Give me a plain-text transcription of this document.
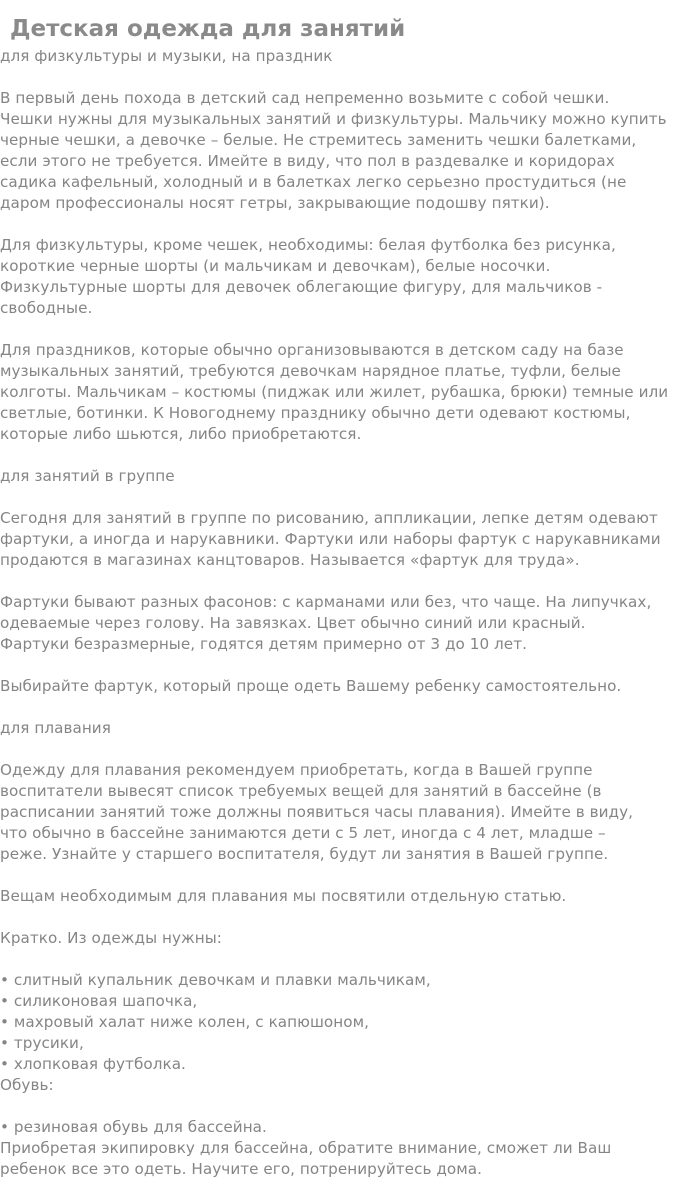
Детская одежда для занятий
для физкультуры и музыки, на праздник
В первый день похода в детский сад непременно возьмите с собой чешки.
Чешки нужны для музыкальных занятий и физкультуры. Мальчику можно купить
черные чешки, а девочке – белые. Не стремитесь заменить чешки балетками,
если этого не требуется. Имейте в виду, что пол в раздевалке и коридорах
садика кафельный, холодный и в балетках легко серьезно простудиться (не
даром профессионалы носят гетры, закрывающие подошву пятки).
Для физкультуры, кроме чешек, необходимы: белая футболка без рисунка,
короткие черные шорты (и мальчикам и девочкам), белые носочки.
Физкультурные шорты для девочек облегающие фигуру, для мальчиков -
свободные.
Для праздников, которые обычно организовываются в детском саду на базе
музыкальных занятий, требуются девочкам нарядное платье, туфли, белые
колготы. Мальчикам – костюмы (пиджак или жилет, рубашка, брюки) темные или
светлые, ботинки. К Новогоднему празднику обычно дети одевают костюмы,
которые либо шьются, либо приобретаются.
для занятий в группе
Сегодня для занятий в группе по рисованию, аппликации, лепке детям одевают
фартуки, а иногда и нарукавники. Фартуки или наборы фартук с нарукавниками
продаются в магазинах канцтоваров. Называется «фартук для труда».
Фартуки бывают разных фасонов: с карманами или без, что чаще. На липучках,
одеваемые через голову. На завязках. Цвет обычно синий или красный.
Фартуки безразмерные, годятся детям примерно от 3 до 10 лет.
Выбирайте фартук, который проще одеть Вашему ребенку самостоятельно.
для плавания
Одежду для плавания рекомендуем приобретать, когда в Вашей группе
воспитатели вывесят список требуемых вещей для занятий в бассейне (в
расписании занятий тоже должны появиться часы плавания). Имейте в виду,
что обычно в бассейне занимаются дети с 5 лет, иногда с 4 лет, младше –
реже. Узнайте у старшего воспитателя, будут ли занятия в Вашей группе.
Вещам необходимым для плавания мы посвятили отдельную статью.
Кратко. Из одежды нужны:
• слитный купальник девочкам и плавки мальчикам,
• силиконовая шапочка,
• махровый халат ниже колен, с капюшоном,
• трусики,
• хлопковая футболка.
Обувь:
• резиновая обувь для бассейна.
Приобретая экипировку для бассейна, обратите внимание, сможет ли Ваш
ребенок все это одеть. Научите его, потренируйтесь дома.
